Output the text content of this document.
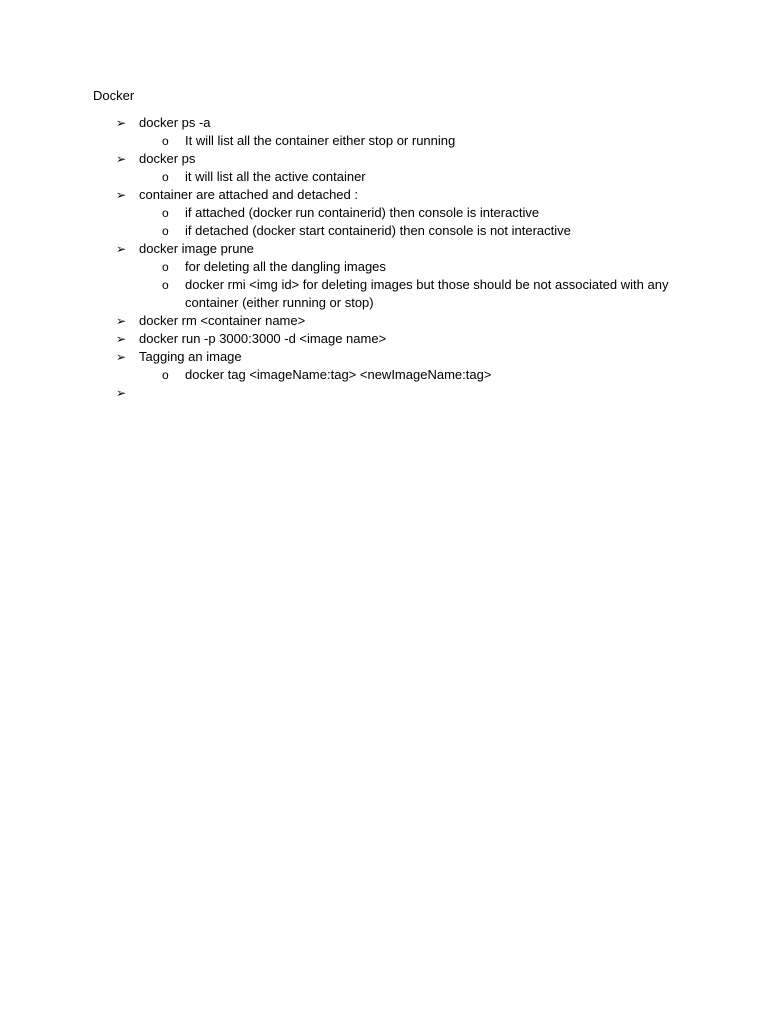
Docker
➢ docker ps -a
o It will list all the container either stop or running
➢ docker ps
o it will list all the active container
➢ container are attached and detached :
o if attached (docker run containerid) then console is interactive
o if detached (docker start containerid) then console is not interactive
➢ docker image prune
o for deleting all the dangling images
o docker rmi <img id> for deleting images but those should be not associated with any container (either running or stop)
➢ docker rm <container name>
➢ docker run -p 3000:3000 -d <image name>
➢ Tagging an image
o docker tag <imageName:tag> <newImageName:tag>
➢
